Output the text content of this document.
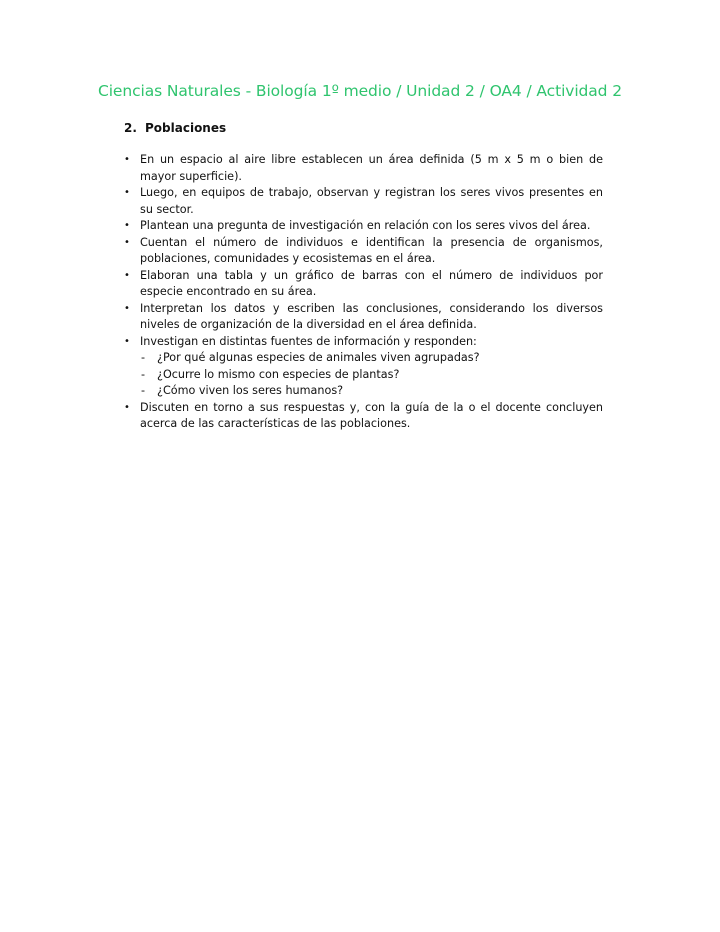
Ciencias Naturales - Biología 1º medio / Unidad 2 / OA4 / Actividad 2
2. Poblaciones
• En un espacio al aire libre establecen un área definida (5 m x 5 m o bien de mayor superficie).
• Luego, en equipos de trabajo, observan y registran los seres vivos presentes en su sector.
• Plantean una pregunta de investigación en relación con los seres vivos del área.
• Cuentan el número de individuos e identifican la presencia de organismos, poblaciones, comunidades y ecosistemas en el área.
• Elaboran una tabla y un gráfico de barras con el número de individuos por especie encontrado en su área.
• Interpretan los datos y escriben las conclusiones, considerando los diversos niveles de organización de la diversidad en el área definida.
• Investigan en distintas fuentes de información y responden:
- ¿Por qué algunas especies de animales viven agrupadas?
- ¿Ocurre lo mismo con especies de plantas?
- ¿Cómo viven los seres humanos?
• Discuten en torno a sus respuestas y, con la guía de la o el docente concluyen acerca de las características de las poblaciones.
